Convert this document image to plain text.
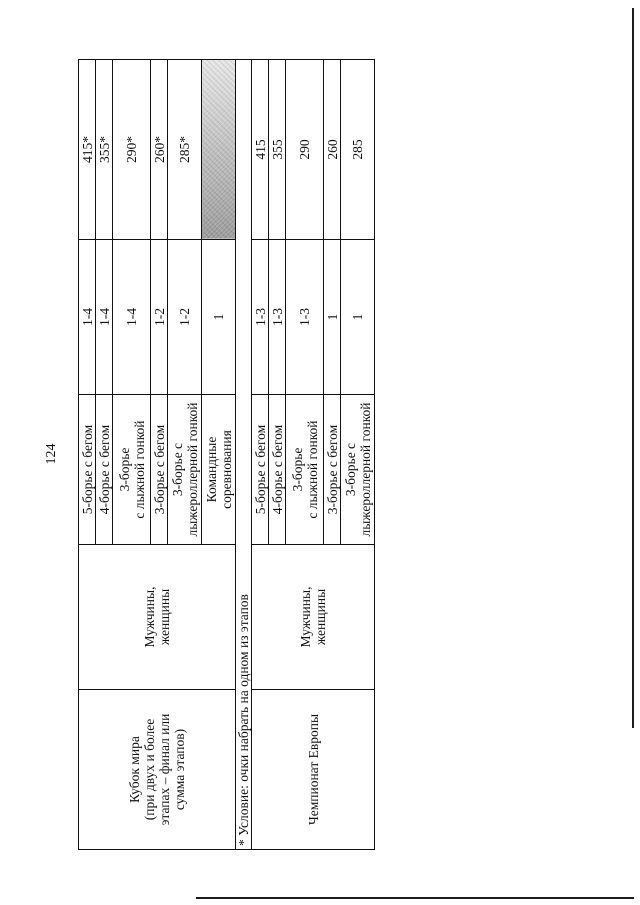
124
Кубок мира (при двух и более этапах – финал или сумма этапов)	Мужчины, женщины	5-борье с бегом	1-4	415*

		4-борье с бегом	1-4	355*

		3-борье с лыжной гонкой	1-4	290*

		3-борье с бегом	1-2	260*

		3-борье с лыжероллерной гонкой	1-2	285*

		Командные соревнования	1	
* Условие: очки набрать на одном из этапов				

Чемпионат Европы	Мужчины, женщины	5-борье с бегом	1-3	415

		4-борье с бегом	1-3	355

		3-борье с лыжной гонкой	1-3	290

		3-борье с бегом	1	260

		3-борье с лыжероллерной гонкой	1	285
